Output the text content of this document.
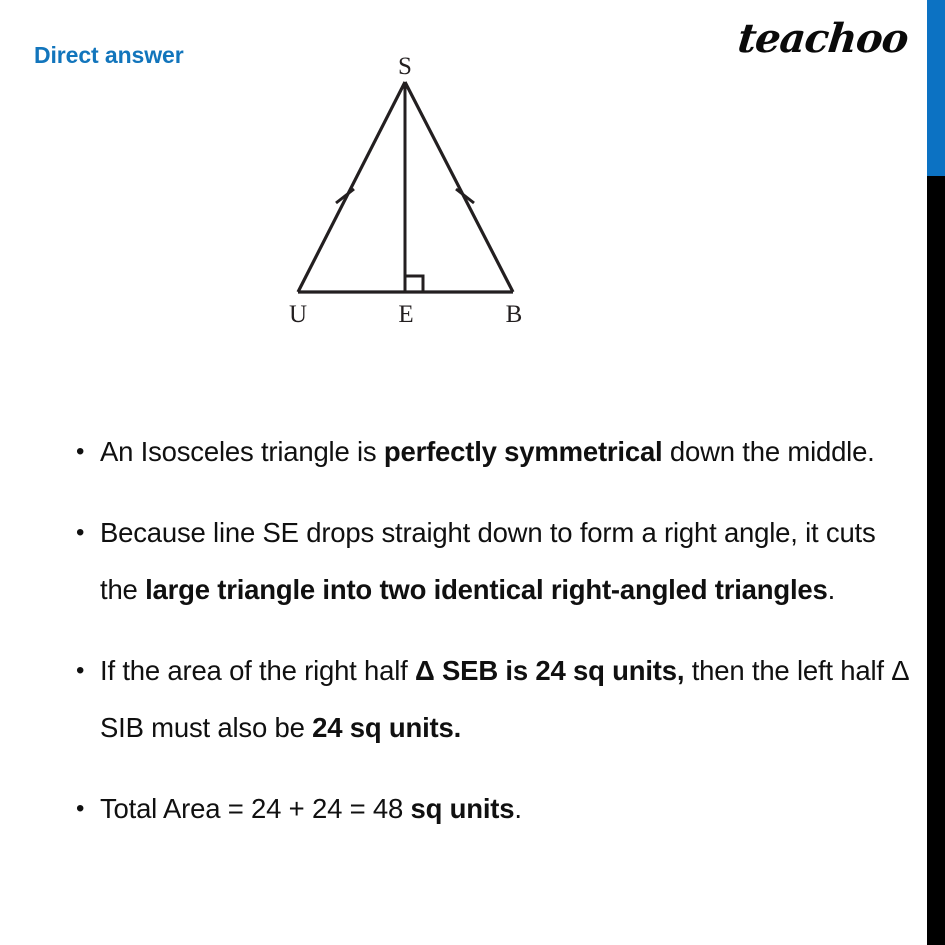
Direct answer	teachoo
S
U	E	B
• An Isosceles triangle is perfectly symmetrical down the middle.
• Because line SE drops straight down to form a right angle, it cuts the large triangle into two identical right-angled triangles.
• If the area of the right half Δ SEB is 24 sq units, then the left half Δ SIB must also be 24 sq units.
• Total Area = 24 + 24 = 48 sq units.
